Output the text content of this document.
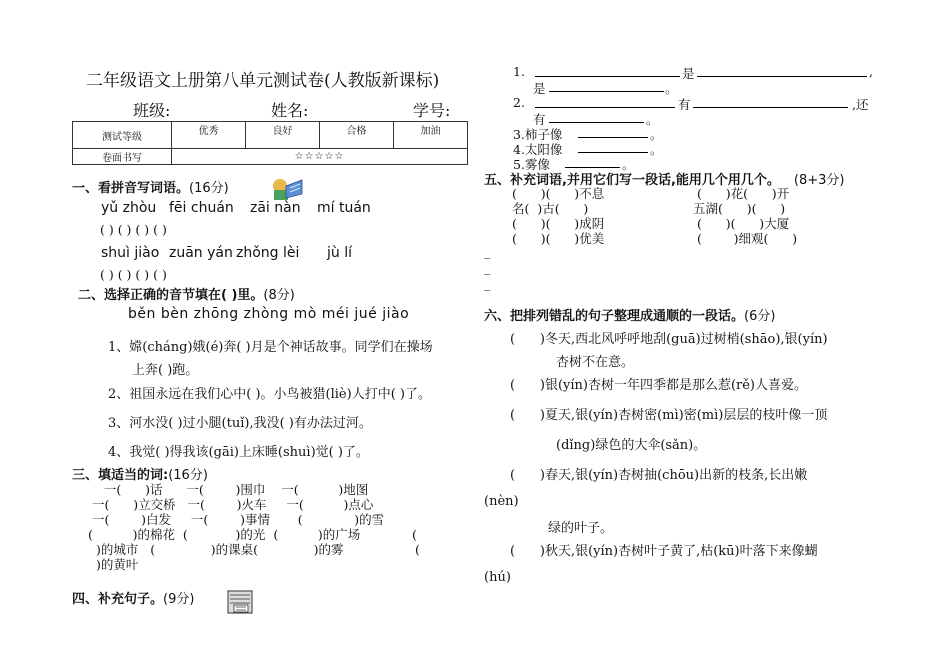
二年级语文上册第八单元测试卷(人教版新课标)
班级:	姓名:	学号:
测试等级	优秀	良好	合格	加油
卷面书写	☆☆☆☆☆			
一、看拼音写词语。(16分)
yǔ zhòu fēi chuán zāi nàn mí tuán
( ) ( ) ( ) ( )
shuì jiào zuān yán zhǒng lèi jù lí
( ) ( ) ( ) ( )
二、选择正确的音节填在( )里。(8分)
běn bèn zhōng zhòng mò méi jué jiào
1、嫦(cháng)娥(é)奔( )月是个神话故事。同学们在操场
上奔( )跑。
2、祖国永远在我们心中( )。小鸟被猎(liè)人打中( )了。
3、河水没( )过小腿(tuǐ),我没( )有办法过河。
4、我觉( )得我该(gāi)上床睡(shuì)觉( )了。
三、填适当的词:(16分)
一(      )话      一(        )围巾    一(          )地图
一(      )立交桥   一(        )火车     一(          )点心
一(        )白发     一(        )事情       (             )的雪
(          )的棉花  (            )的光  (          )的广场             (
)的城市   (              )的课桌(              )的雾                  (
)的黄叶
四、补充句子。(9分)
1.	是	,
是	。
2.	有	,还
有	。
3.柿子像	。
4.太阳像	。
5.雾像	。
五、补充词语,并用它们写一段话,能用几个用几个。 (8+3分)
(      )(      )不息	(      )花(      )开
名(  )古(      )	五湖(      )(      )
(      )(      )成阴	(      )(      )大厦
(      )(      )优美	(        )细观(      )
_
_
_
六、把排列错乱的句子整理成通顺的一段话。(6分)
(      )冬天,西北风呼呼地刮(guā)过树梢(shāo),银(yín)
杏树不在意。
(      )银(yín)杏树一年四季都是那么惹(rě)人喜爱。
(      )夏天,银(yín)杏树密(mì)密(mì)层层的枝叶像一顶
(dǐng)绿色的大伞(sǎn)。
(      )春天,银(yín)杏树抽(chōu)出新的枝条,长出嫩
(nèn)
绿的叶子。
(      )秋天,银(yín)杏树叶子黄了,枯(kū)叶落下来像蝴
(hú)
